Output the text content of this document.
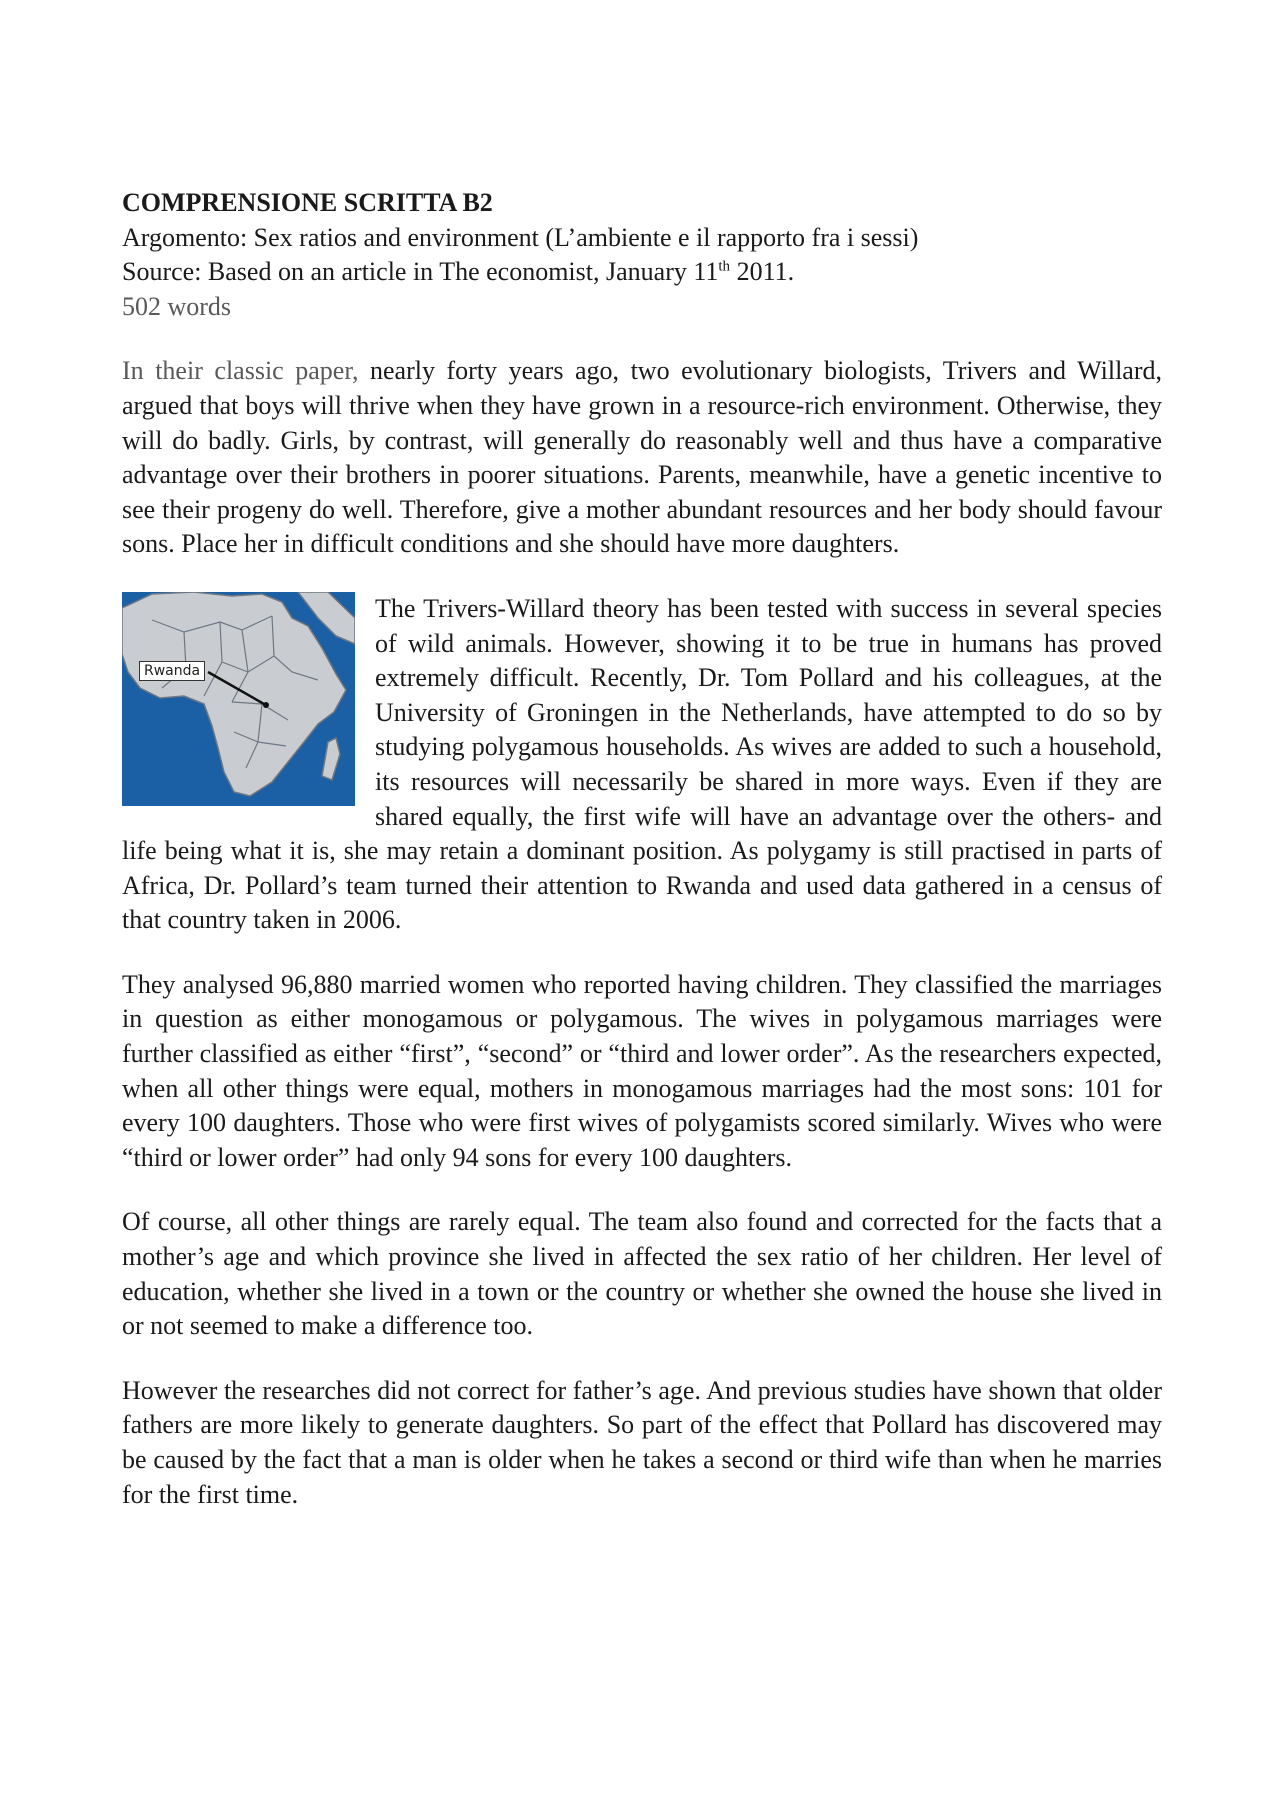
COMPRENSIONE SCRITTA B2

Argomento: Sex ratios and environment (L’ambiente e il rapporto fra i sessi)

Source: Based on an article in The economist, January 11th 2011.

502 words

In their classic paper, nearly forty years ago, two evolutionary biologists, Trivers and Willard, argued that boys will thrive when they have grown in a resource-rich environment. Otherwise, they will do badly. Girls, by contrast, will generally do reasonably well and thus have a comparative advantage over their brothers in poorer situations. Parents, meanwhile, have a genetic incentive to see their progeny do well. Therefore, give a mother abundant resources and her body should favour sons. Place her in difficult conditions and she should have more daughters.

Rwanda
The Trivers-Willard theory has been tested with success in several species of wild animals. However, showing it to be true in humans has proved extremely difficult. Recently, Dr. Tom Pollard and his colleagues, at the University of Groningen in the Netherlands, have attempted to do so by studying polygamous households. As wives are added to such a household, its resources will necessarily be shared in more ways. Even if they are shared equally, the first wife will have an advantage over the others- and life being what it is, she may retain a dominant position. As polygamy is still practised in parts of Africa, Dr. Pollard’s team turned their attention to Rwanda and used data gathered in a census of that country taken in 2006.

They analysed 96,880 married women who reported having children. They classified the marriages in question as either monogamous or polygamous. The wives in polygamous marriages were further classified as either “first”, “second” or “third and lower order”. As the researchers expected, when all other things were equal, mothers in monogamous marriages had the most sons: 101 for every 100 daughters. Those who were first wives of polygamists scored similarly. Wives who were “third or lower order” had only 94 sons for every 100 daughters.

Of course, all other things are rarely equal. The team also found and corrected for the facts that a mother’s age and which province she lived in affected the sex ratio of her children. Her level of education, whether she lived in a town or the country or whether she owned the house she lived in or not seemed to make a difference too.

However the researches did not correct for father’s age. And previous studies have shown that older fathers are more likely to generate daughters. So part of the effect that Pollard has discovered may be caused by the fact that a man is older when he takes a second or third wife than when he marries for the first time.
